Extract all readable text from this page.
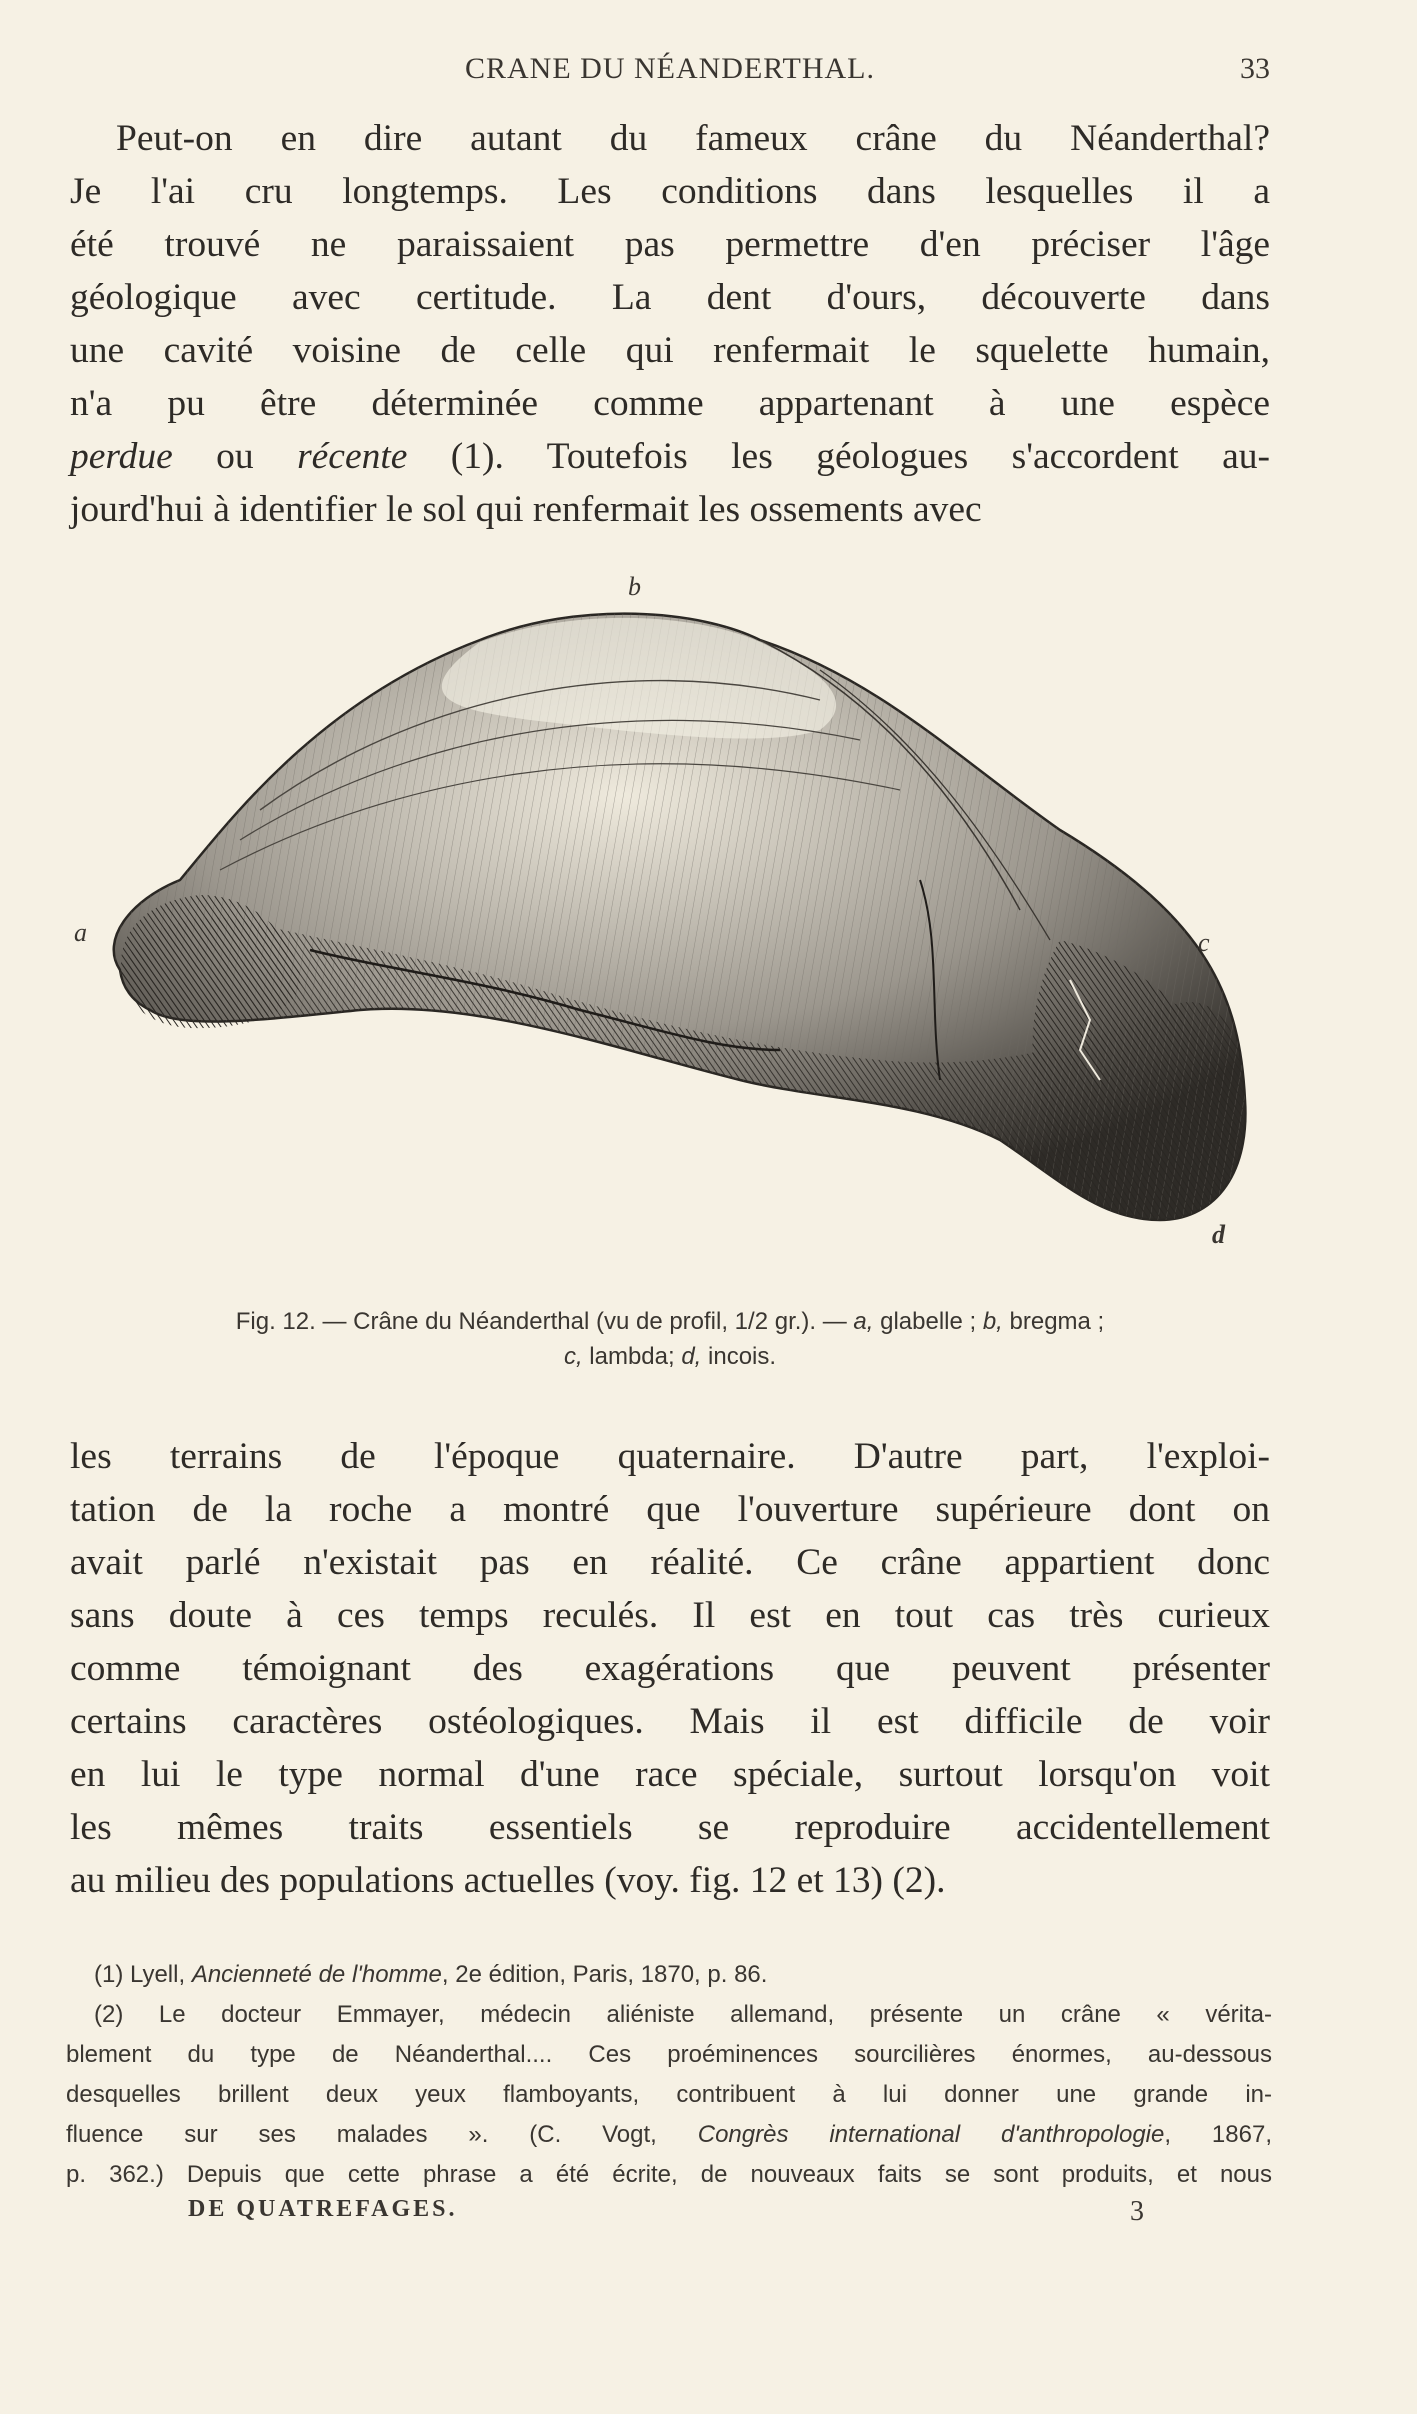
CRANE DU NÉANDERTHAL.	33
Peut-on en dire autant du fameux crâne du Néanderthal?
Je l'ai cru longtemps. Les conditions dans lesquelles il a
été trouvé ne paraissaient pas permettre d'en préciser l'âge
géologique avec certitude. La dent d'ours, découverte dans
une cavité voisine de celle qui renfermait le squelette humain,
n'a pu être déterminée comme appartenant à une espèce
perdue ou récente (1). Toutefois les géologues s'accordent au-
jourd'hui à identifier le sol qui renfermait les ossements avec
b
a	c
d
Fig. 12. — Crâne du Néanderthal (vu de profil, 1/2 gr.). — a, glabelle ; b, bregma ;
c, lambda; d, incois.
les terrains de l'époque quaternaire. D'autre part, l'exploi-
tation de la roche a montré que l'ouverture supérieure dont on
avait parlé n'existait pas en réalité. Ce crâne appartient donc
sans doute à ces temps reculés. Il est en tout cas très curieux
comme témoignant des exagérations que peuvent présenter
certains caractères ostéologiques. Mais il est difficile de voir
en lui le type normal d'une race spéciale, surtout lorsqu'on voit
les mêmes traits essentiels se reproduire accidentellement
au milieu des populations actuelles (voy. fig. 12 et 13) (2).
(1) Lyell, Ancienneté de l'homme, 2e édition, Paris, 1870, p. 86.
(2) Le docteur Emmayer, médecin aliéniste allemand, présente un crâne « vérita-
blement du type de Néanderthal.... Ces proéminences sourcilières énormes, au-dessous
desquelles brillent deux yeux flamboyants, contribuent à lui donner une grande in-
fluence sur ses malades ». (C. Vogt, Congrès international d'anthropologie, 1867,
p. 362.) Depuis que cette phrase a été écrite, de nouveaux faits se sont produits, et nous
DE QUATREFAGES.	3
